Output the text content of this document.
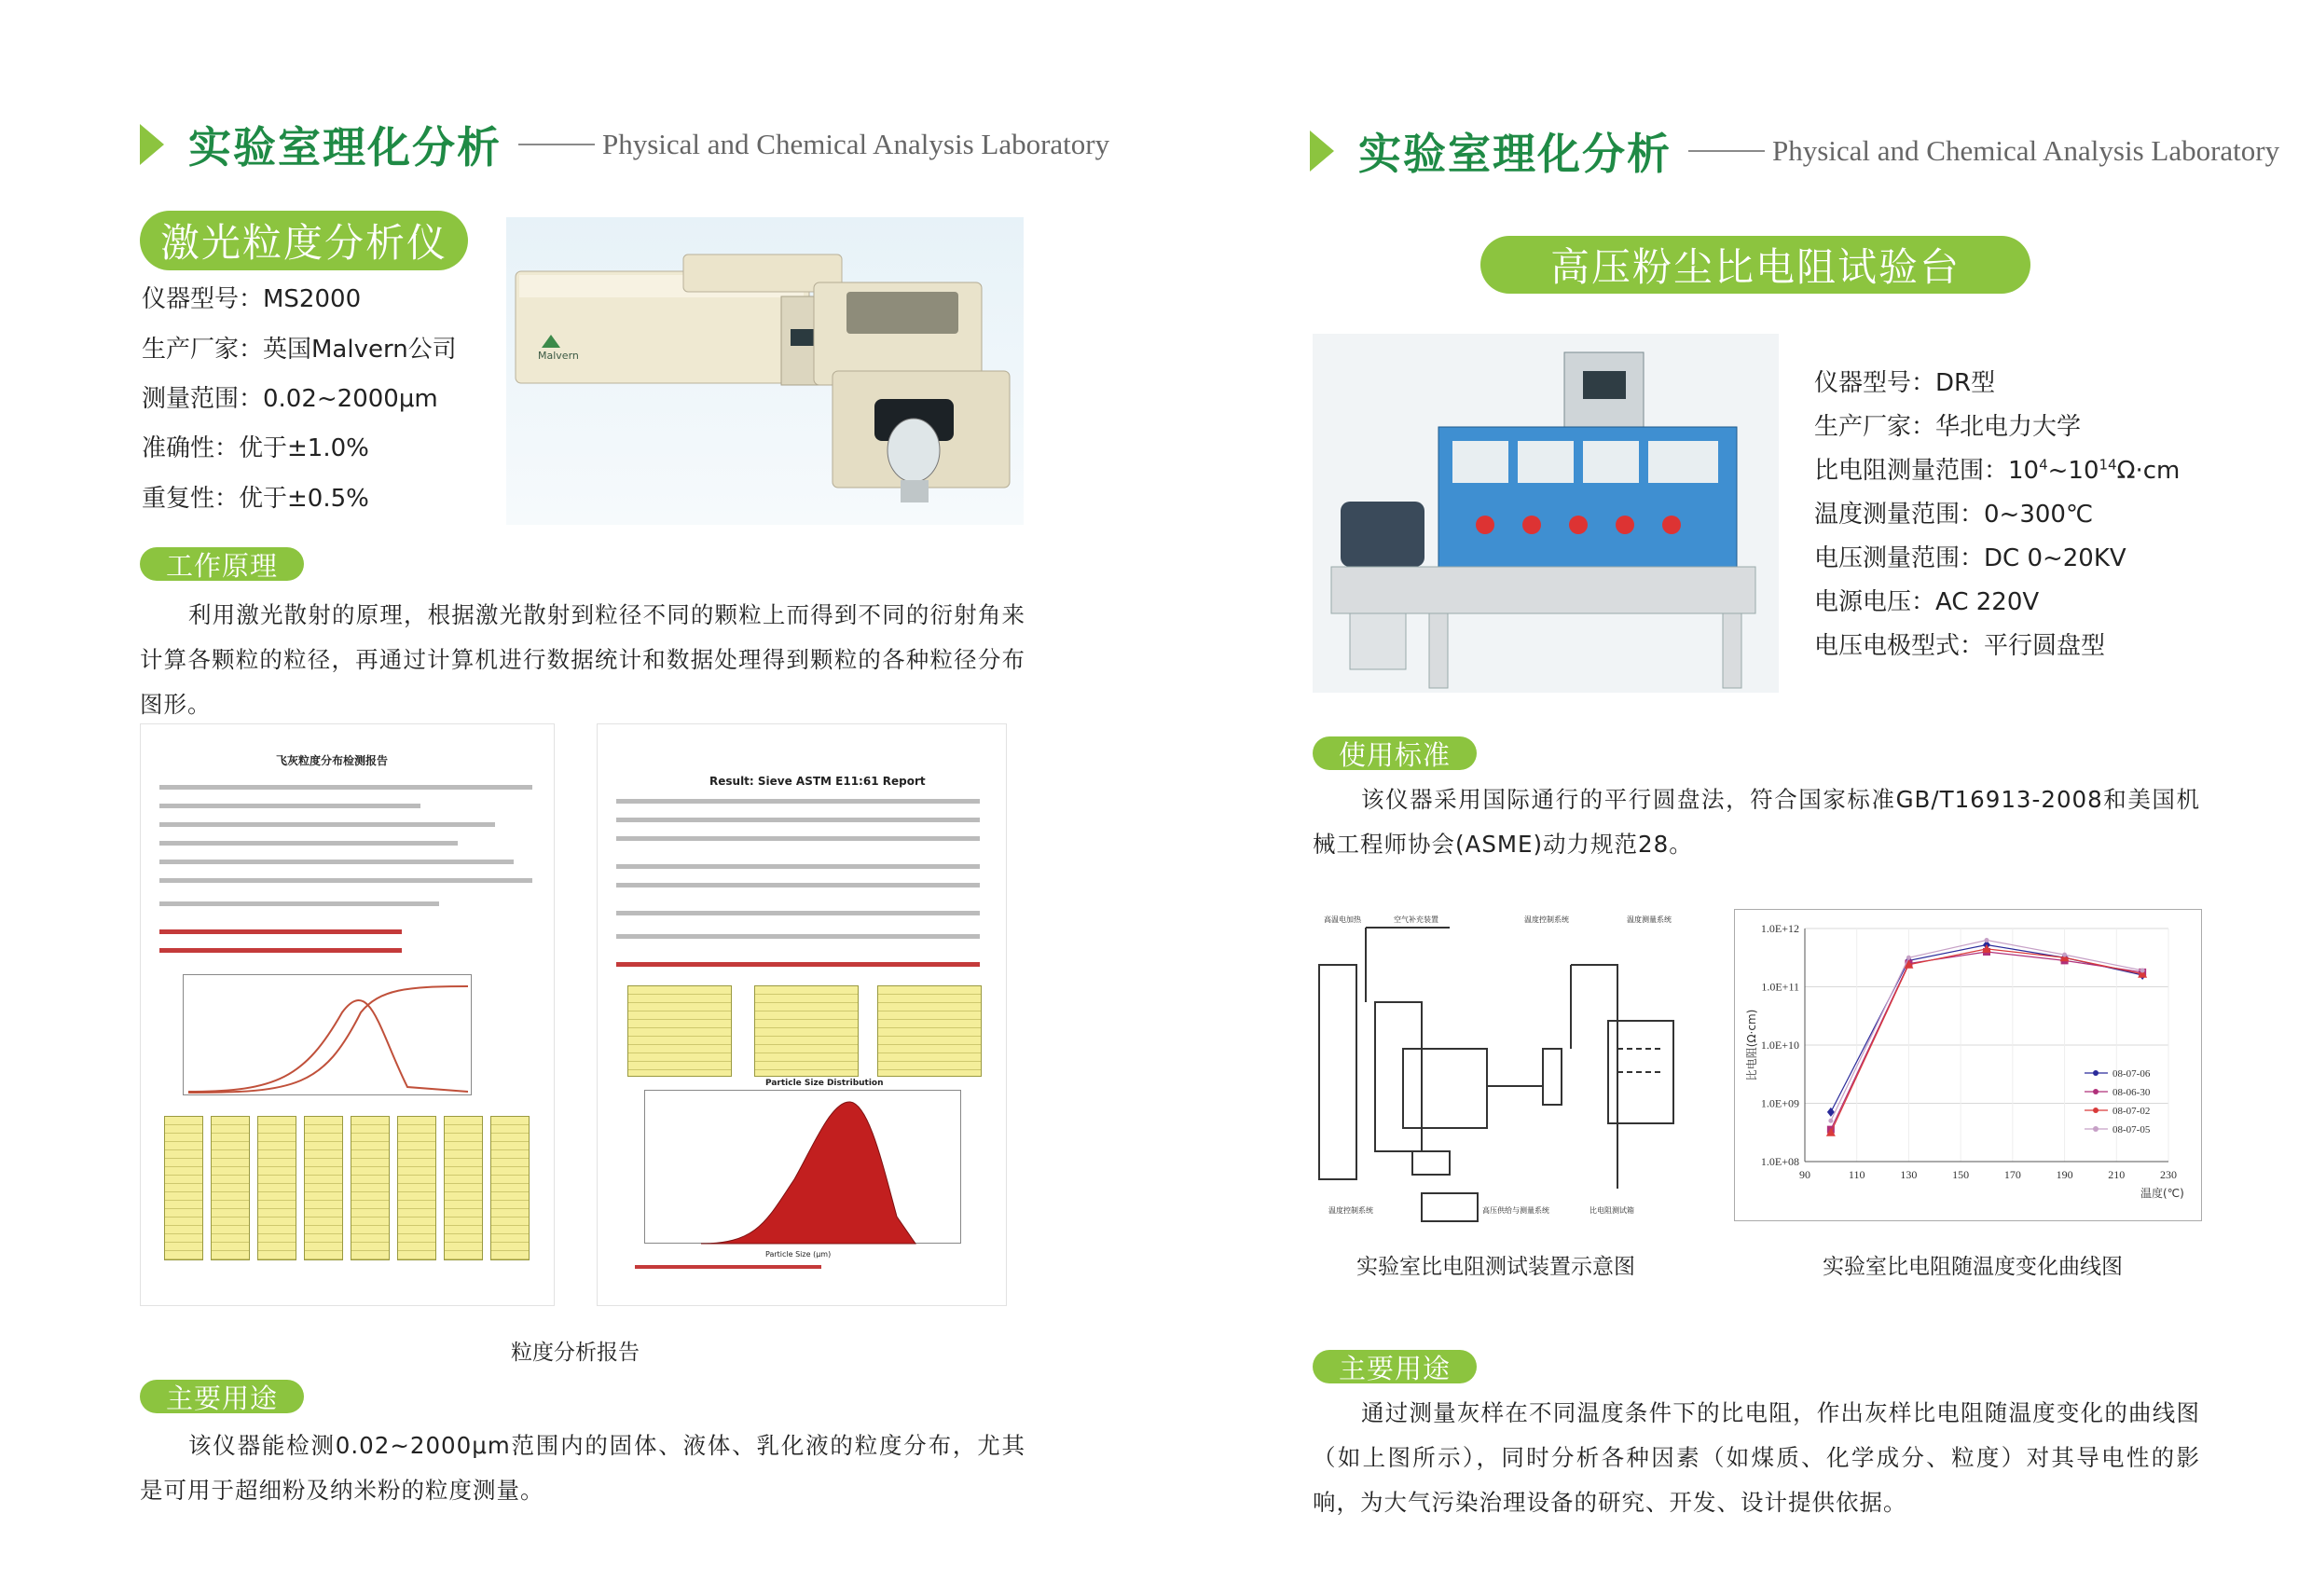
实验室理化分析	Physical and Chemical Analysis Laboratory
激光粒度分析仪
仪器型号：MS2000
生产厂家：英国Malvern公司
测量范围：0.02~2000μm
准确性：优于±1.0%
重复性：优于±0.5%
Malvern
工作原理

利用激光散射的原理，根据激光散射到粒径不同的颗粒上而得到不同的衍射角来计算各颗粒的粒径，再通过计算机进行数据统计和数据处理得到颗粒的各种粒径分布图形。

飞灰粒度分布检测报告
Result: Sieve ASTM E11:61 Report
Particle Size Distribution
Particle Size (μm)
粒度分析报告
主要用途

该仪器能检测0.02~2000μm范围内的固体、液体、乳化液的粒度分布，尤其是可用于超细粉及纳米粉的粒度测量。

实验室理化分析	Physical and Chemical Analysis Laboratory
高压粉尘比电阻试验台
仪器型号：DR型
生产厂家：华北电力大学
比电阻测量范围：$10^4\sim 10^{14}\Omega\cdot cm$
温度测量范围：0~300℃
电压测量范围：DC 0~20KV
电源电压：AC 220V
电压电极型式：平行圆盘型
使用标准

该仪器采用国际通行的平行圆盘法，符合国家标准GB/T16913-2008和美国机械工程师协会(ASME)动力规范28。

高温电加热	空气补充装置	温度控制系统	温度测量系统
温度控制系统	高压供给与测量系统	比电阻测试箱
实验室比电阻测试装置示意图
1.0E+08
1.0E+09
1.0E+10
1.0E+11
1.0E+12
90	110	130	150	170	190	210	230
温度(℃)
比电阻(Ω·cm)	08-07-06
08-06-30
08-07-02
08-07-05
实验室比电阻随温度变化曲线图
主要用途

通过测量灰样在不同温度条件下的比电阻，作出灰样比电阻随温度变化的曲线图（如上图所示），同时分析各种因素（如煤质、化学成分、粒度）对其导电性的影响，为大气污染治理设备的研究、开发、设计提供依据。
